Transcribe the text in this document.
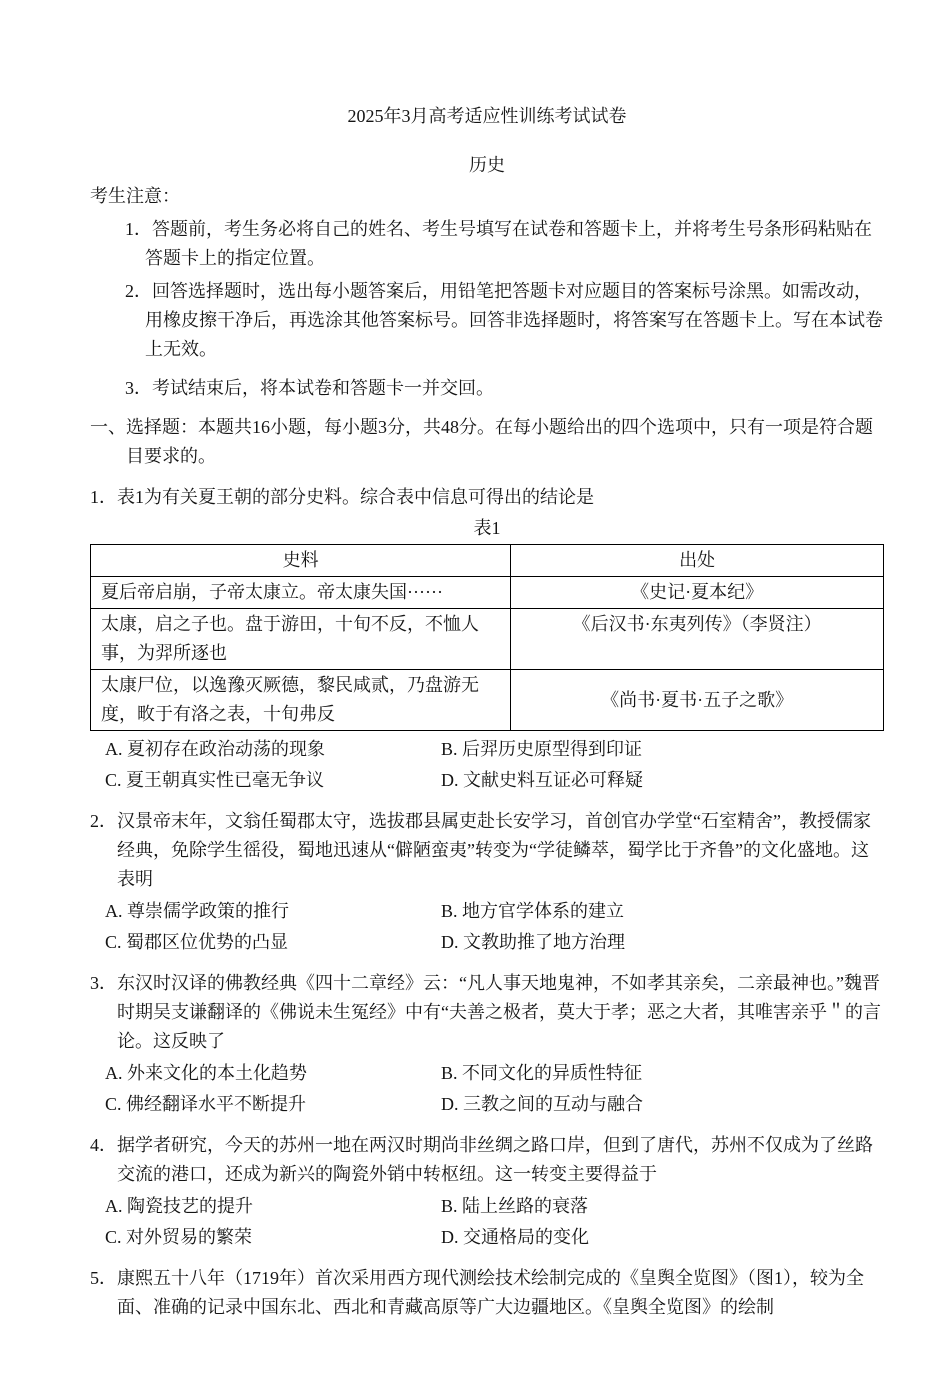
2025年3月高考适应性训练考试试卷

历史

考生注意：

1．答题前，考生务必将自己的姓名、考生号填写在试卷和答题卡上，并将考生号条形码粘贴在答题卡上的指定位置。

2．回答选择题时，选出每小题答案后，用铅笔把答题卡对应题目的答案标号涂黑。如需改动，用橡皮擦干净后，再选涂其他答案标号。回答非选择题时，将答案写在答题卡上。写在本试卷上无效。

3．考试结束后，将本试卷和答题卡一并交回。

一、选择题：本题共16小题，每小题3分，共48分。在每小题给出的四个选项中，只有一项是符合题目要求的。

1．表1为有关夏王朝的部分史料。综合表中信息可得出的结论是

表1

史料	出处
夏后帝启崩，子帝太康立。帝太康失国······	《史记·夏本纪》
太康，启之子也。盘于游田，十旬不反，不恤人事，为羿所逐也	《后汉书·东夷列传》（李贤注）
太康尸位，以逸豫灭厥德，黎民咸贰，乃盘游无度，畋于有洛之表，十旬弗反	《尚书·夏书·五子之歌》
A. 夏初存在政治动荡的现象	B. 后羿历史原型得到印证
C. 夏王朝真实性已毫无争议	D. 文献史料互证必可释疑

2．汉景帝末年，文翁任蜀郡太守，选拔郡县属吏赴长安学习，首创官办学堂“石室精舍”，教授儒家经典，免除学生徭役，蜀地迅速从“僻陋蛮夷”转变为“学徒鳞萃，蜀学比于齐鲁”的文化盛地。这表明

A. 尊崇儒学政策的推行	B. 地方官学体系的建立
C. 蜀郡区位优势的凸显	D. 文教助推了地方治理

3．东汉时汉译的佛教经典《四十二章经》云：“凡人事天地鬼神，不如孝其亲矣，二亲最神也。”魏晋时期吴支谦翻译的《佛说未生冤经》中有“夫善之极者，莫大于孝；恶之大者，其唯害亲乎＂的言论。这反映了

A. 外来文化的本土化趋势	B. 不同文化的异质性特征
C. 佛经翻译水平不断提升	D. 三教之间的互动与融合

4．据学者研究，今天的苏州一地在两汉时期尚非丝绸之路口岸，但到了唐代，苏州不仅成为了丝路交流的港口，还成为新兴的陶瓷外销中转枢纽。这一转变主要得益于

A. 陶瓷技艺的提升	B. 陆上丝路的衰落
C. 对外贸易的繁荣	D. 交通格局的变化

5．康熙五十八年（1719年）首次采用西方现代测绘技术绘制完成的《皇舆全览图》（图1），较为全面、准确的记录中国东北、西北和青藏高原等广大边疆地区。《皇舆全览图》的绘制
